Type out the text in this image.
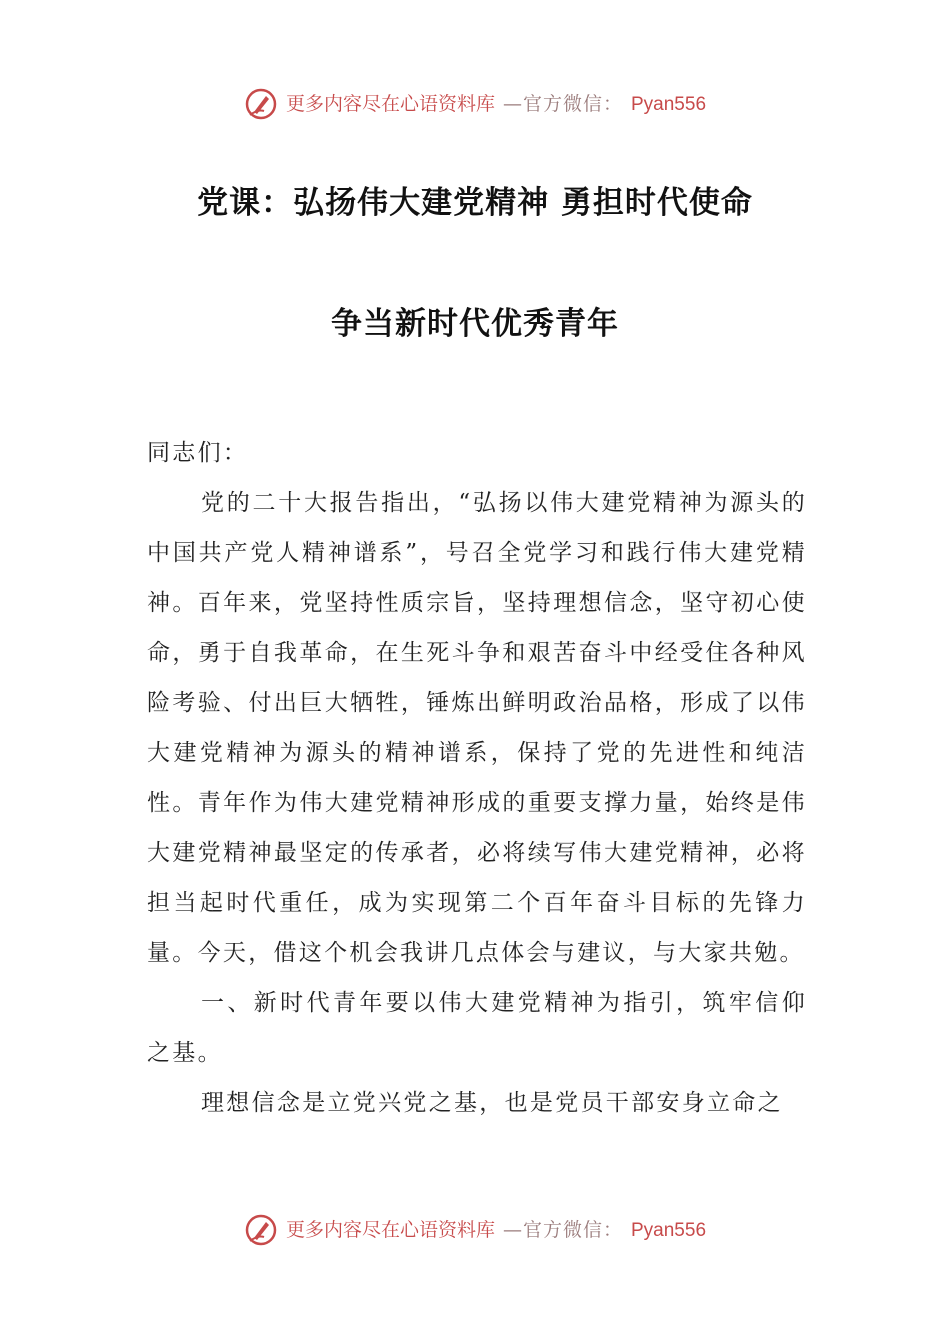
更多内容尽在心语资料库 —官方微信： Pyan556
党课：弘扬伟大建党精神 勇担时代使命
争当新时代优秀青年

同志们：

党的二十大报告指出，“弘扬以伟大建党精神为源头的中国共产党人精神谱系”，号召全党学习和践行伟大建党精神。百年来，党坚持性质宗旨，坚持理想信念，坚守初心使命，勇于自我革命，在生死斗争和艰苦奋斗中经受住各种风险考验、付出巨大牺牲，锤炼出鲜明政治品格，形成了以伟大建党精神为源头的精神谱系，保持了党的先进性和纯洁性。青年作为伟大建党精神形成的重要支撑力量，始终是伟大建党精神最坚定的传承者，必将续写伟大建党精神，必将担当起时代重任，成为实现第二个百年奋斗目标的先锋力量。今天，借这个机会我讲几点体会与建议，与大家共勉。

一、新时代青年要以伟大建党精神为指引，筑牢信仰之基。

理想信念是立党兴党之基，也是党员干部安身立命之

更多内容尽在心语资料库 —官方微信： Pyan556
